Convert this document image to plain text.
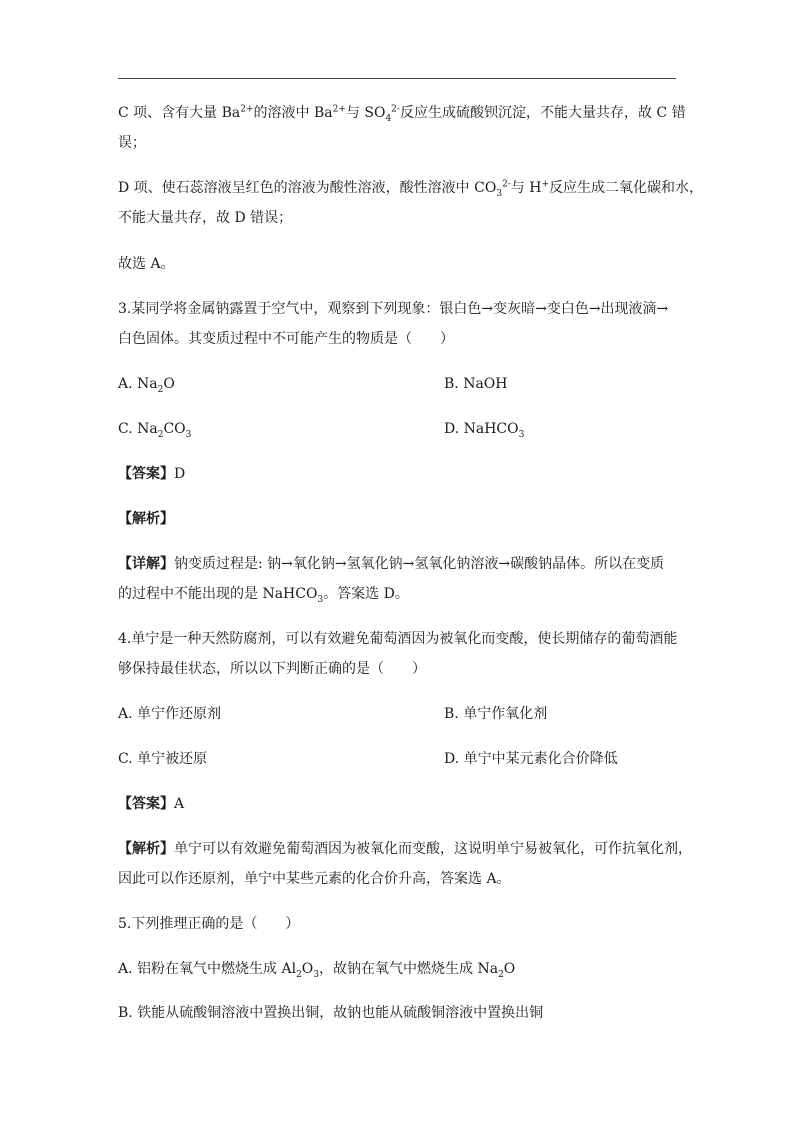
C 项、含有大量 $Ba^{2+}$的溶液中 $Ba^{2+}$与 $SO_4^{2-}$反应生成硫酸钡沉淀，不能大量共存，故 C 错
误；
D 项、使石蕊溶液呈红色的溶液为酸性溶液，酸性溶液中 $CO_3^{2-}$与 H+反应生成二氧化碳和水，
不能大量共存，故 D 错误；
故选 A。
3.某同学将金属钠露置于空气中，观察到下列现象：银白色→变灰暗→变白色→出现液滴→
白色固体。其变质过程中不可能产生的物质是（　　）
A. $Na_2O$	B. NaOH
C. $Na_2CO_3$	D. NaHCO$_3$
【答案】D
【解析】
【详解】钠变质过程是: 钠→氧化钠→氢氧化钠→氢氧化钠溶液→碳酸钠晶体。所以在变质
的过程中不能出现的是 NaHCO$_3$。答案选 D。
4.单宁是一种天然防腐剂，可以有效避免葡萄酒因为被氧化而变酸，使长期储存的葡萄酒能
够保持最佳状态，所以以下判断正确的是（　　）
A. 单宁作还原剂	B. 单宁作氧化剂
C. 单宁被还原	D. 单宁中某元素化合价降低
【答案】A
【解析】单宁可以有效避免葡萄酒因为被氧化而变酸，这说明单宁易被氧化，可作抗氧化剂，
因此可以作还原剂，单宁中某些元素的化合价升高，答案选 A。
5.下列推理正确的是（　　）
A. 铝粉在氧气中燃烧生成 $Al_2O_3$，故钠在氧气中燃烧生成 $Na_2O$
B. 铁能从硫酸铜溶液中置换出铜，故钠也能从硫酸铜溶液中置换出铜
